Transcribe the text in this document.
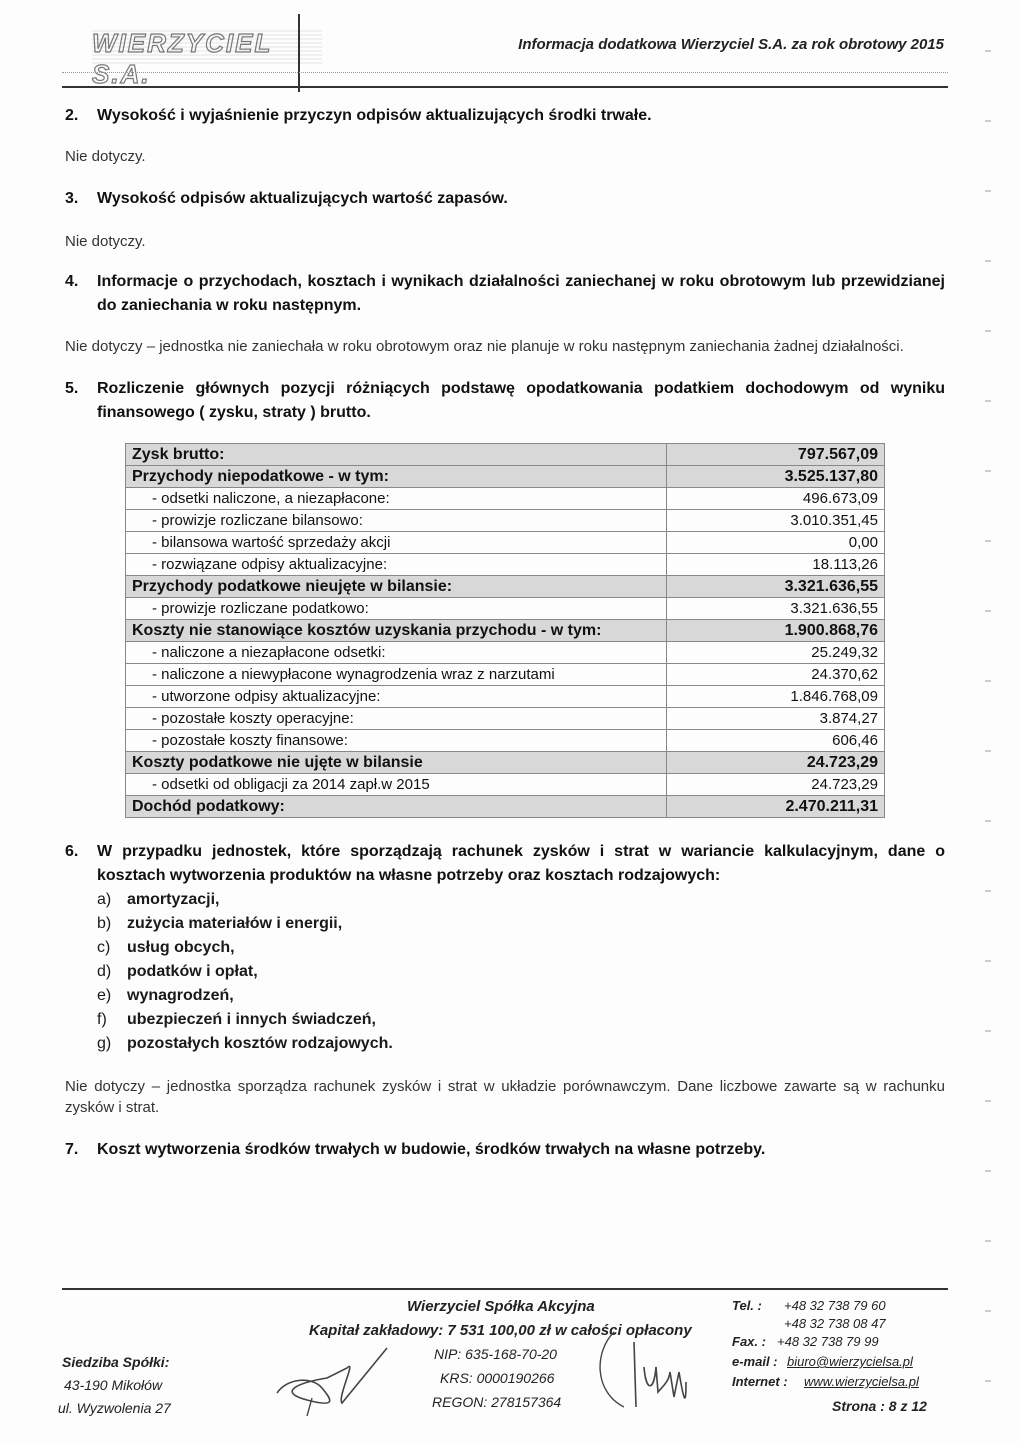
WIERZYCIEL S.A.
Informacja dodatkowa Wierzyciel S.A. za rok obrotowy 2015
2.	Wysokość i wyjaśnienie przyczyn odpisów aktualizujących środki trwałe.

Nie dotyczy.

3.	Wysokość odpisów aktualizujących wartość zapasów.

Nie dotyczy.

4.	Informacje o przychodach, kosztach i wynikach działalności zaniechanej w roku obrotowym lub przewidzianej do zaniechania w roku następnym.

Nie dotyczy – jednostka nie zaniechała w roku obrotowym oraz nie planuje w roku następnym zaniechania żadnej działalności.

5.	Rozliczenie głównych pozycji różniących podstawę opodatkowania podatkiem dochodowym od wyniku finansowego ( zysku, straty ) brutto.
Zysk brutto:	797.567,09
Przychody niepodatkowe - w tym:	3.525.137,80
- odsetki naliczone, a niezapłacone:	496.673,09
- prowizje rozliczane bilansowo:	3.010.351,45
- bilansowa wartość sprzedaży akcji	0,00
- rozwiązane odpisy aktualizacyjne:	18.113,26
Przychody podatkowe nieujęte w bilansie:	3.321.636,55
- prowizje rozliczane podatkowo:	3.321.636,55
Koszty nie stanowiące kosztów uzyskania przychodu - w tym:	1.900.868,76
- naliczone a niezapłacone odsetki:	25.249,32
- naliczone a niewypłacone wynagrodzenia wraz z narzutami	24.370,62
- utworzone odpisy aktualizacyjne:	1.846.768,09
- pozostałe koszty operacyjne:	3.874,27
- pozostałe koszty finansowe:	606,46
Koszty podatkowe nie ujęte w bilansie	24.723,29
- odsetki od obligacji za 2014 zapł.w 2015	24.723,29
Dochód podatkowy:	2.470.211,31
6.	W przypadku jednostek, które sporządzają rachunek zysków i strat w wariancie kalkulacyjnym, dane o kosztach wytworzenia produktów na własne potrzeby oraz kosztach rodzajowych:
a) amortyzacji,
b) zużycia materiałów i energii,
c)	usług obcych,
d) podatków i opłat,
e) wynagrodzeń,
f)	ubezpieczeń i innych świadczeń,
g) pozostałych kosztów rodzajowych.

Nie dotyczy – jednostka sporządza rachunek zysków i strat w układzie porównawczym. Dane liczbowe zawarte są w rachunku zysków i strat.

7.	Koszt wytworzenia środków trwałych w budowie, środków trwałych na własne potrzeby.
Wierzyciel Spółka Akcyjna
Kapitał zakładowy: 7 531 100,00 zł w całości opłacony
NIP: 635-168-70-20
KRS: 0000190266
REGON: 278157364
Siedziba Spółki:
43-190 Mikołów
ul. Wyzwolenia 27
Tel. : +48 32 738 79 60
+48 32 738 08 47
Fax. : +48 32 738 79 99
e-mail : biuro@wierzycielsa.pl
Internet : www.wierzycielsa.pl
Strona : 8 z 12
